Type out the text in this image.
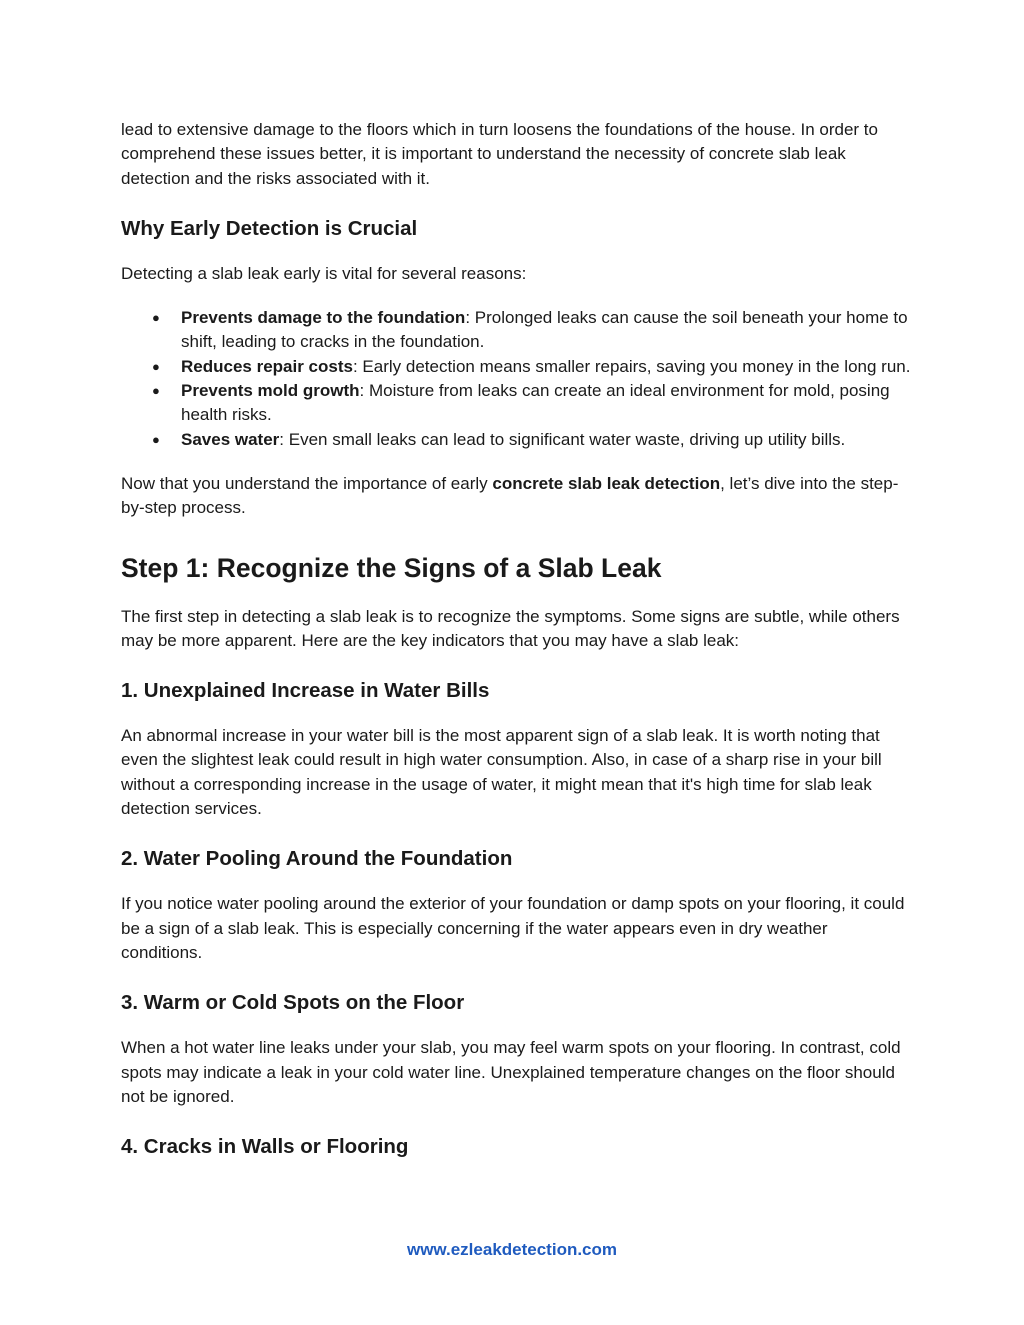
lead to extensive damage to the floors which in turn loosens the foundations of the house. In order to comprehend these issues better, it is important to understand the necessity of concrete slab leak detection and the risks associated with it.

Why Early Detection is Crucial

Detecting a slab leak early is vital for several reasons:

● Prevents damage to the foundation: Prolonged leaks can cause the soil beneath your home to shift, leading to cracks in the foundation.
● Reduces repair costs: Early detection means smaller repairs, saving you money in the long run.
● Prevents mold growth: Moisture from leaks can create an ideal environment for mold, posing health risks.
● Saves water: Even small leaks can lead to significant water waste, driving up utility bills.

Now that you understand the importance of early concrete slab leak detection, let’s dive into the step-by-step process.

Step 1: Recognize the Signs of a Slab Leak

The first step in detecting a slab leak is to recognize the symptoms. Some signs are subtle, while others may be more apparent. Here are the key indicators that you may have a slab leak:

1. Unexplained Increase in Water Bills

An abnormal increase in your water bill is the most apparent sign of a slab leak. It is worth noting that even the slightest leak could result in high water consumption. Also, in case of a sharp rise in your bill without a corresponding increase in the usage of water, it might mean that it's high time for slab leak detection services.

2. Water Pooling Around the Foundation

If you notice water pooling around the exterior of your foundation or damp spots on your flooring, it could be a sign of a slab leak. This is especially concerning if the water appears even in dry weather conditions.

3. Warm or Cold Spots on the Floor

When a hot water line leaks under your slab, you may feel warm spots on your flooring. In contrast, cold spots may indicate a leak in your cold water line. Unexplained temperature changes on the floor should not be ignored.

4. Cracks in Walls or Flooring
www.ezleakdetection.com
